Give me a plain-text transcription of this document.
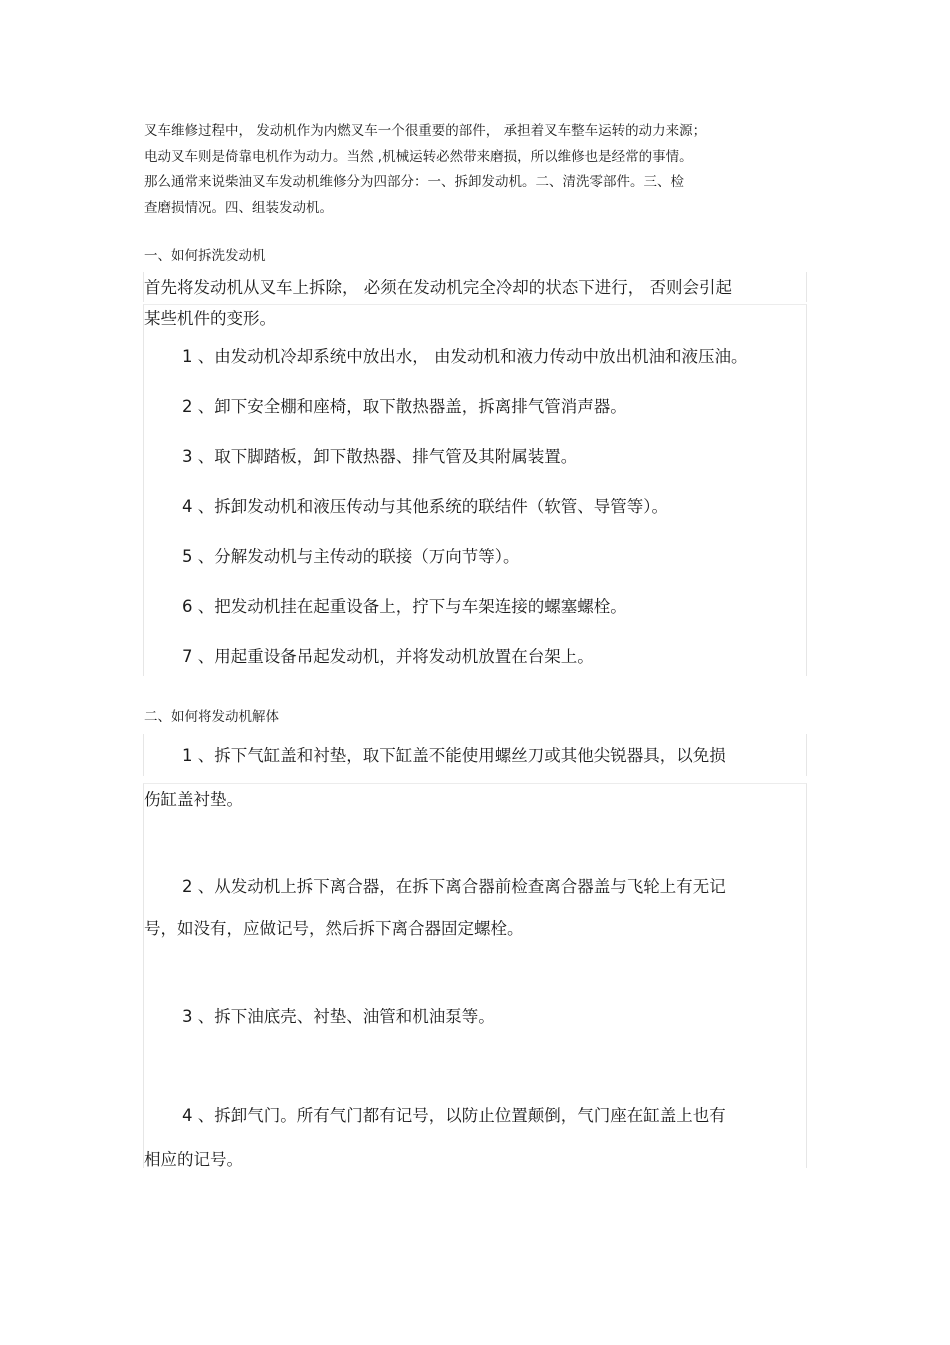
叉车维修过程中， 发动机作为内燃叉车一个很重要的部件， 承担着叉车整车运转的动力来源；
电动叉车则是倚靠电机作为动力。当然 ,机械运转必然带来磨损，所以维修也是经常的事情。
那么通常来说柴油叉车发动机维修分为四部分：一、拆卸发动机。二、清洗零部件。三、检
查磨损情况。四、组装发动机。
一、如何拆洗发动机
首先将发动机从叉车上拆除， 必须在发动机完全冷却的状态下进行， 否则会引起
某些机件的变形。
1 、由发动机冷却系统中放出水， 由发动机和液力传动中放出机油和液压油。
2 、卸下安全棚和座椅，取下散热器盖，拆离排气管消声器。
3 、取下脚踏板，卸下散热器、排气管及其附属装置。
4 、拆卸发动机和液压传动与其他系统的联结件（软管、导管等）。
5 、分解发动机与主传动的联接（万向节等）。
6 、把发动机挂在起重设备上，拧下与车架连接的螺塞螺栓。
7 、用起重设备吊起发动机，并将发动机放置在台架上。
二、如何将发动机解体
1 、拆下气缸盖和衬垫，取下缸盖不能使用螺丝刀或其他尖锐器具，以免损
伤缸盖衬垫。
2 、从发动机上拆下离合器，在拆下离合器前检查离合器盖与飞轮上有无记
号，如没有，应做记号，然后拆下离合器固定螺栓。
3 、拆下油底壳、衬垫、油管和机油泵等。
4 、拆卸气门。所有气门都有记号，以防止位置颠倒，气门座在缸盖上也有
相应的记号。
